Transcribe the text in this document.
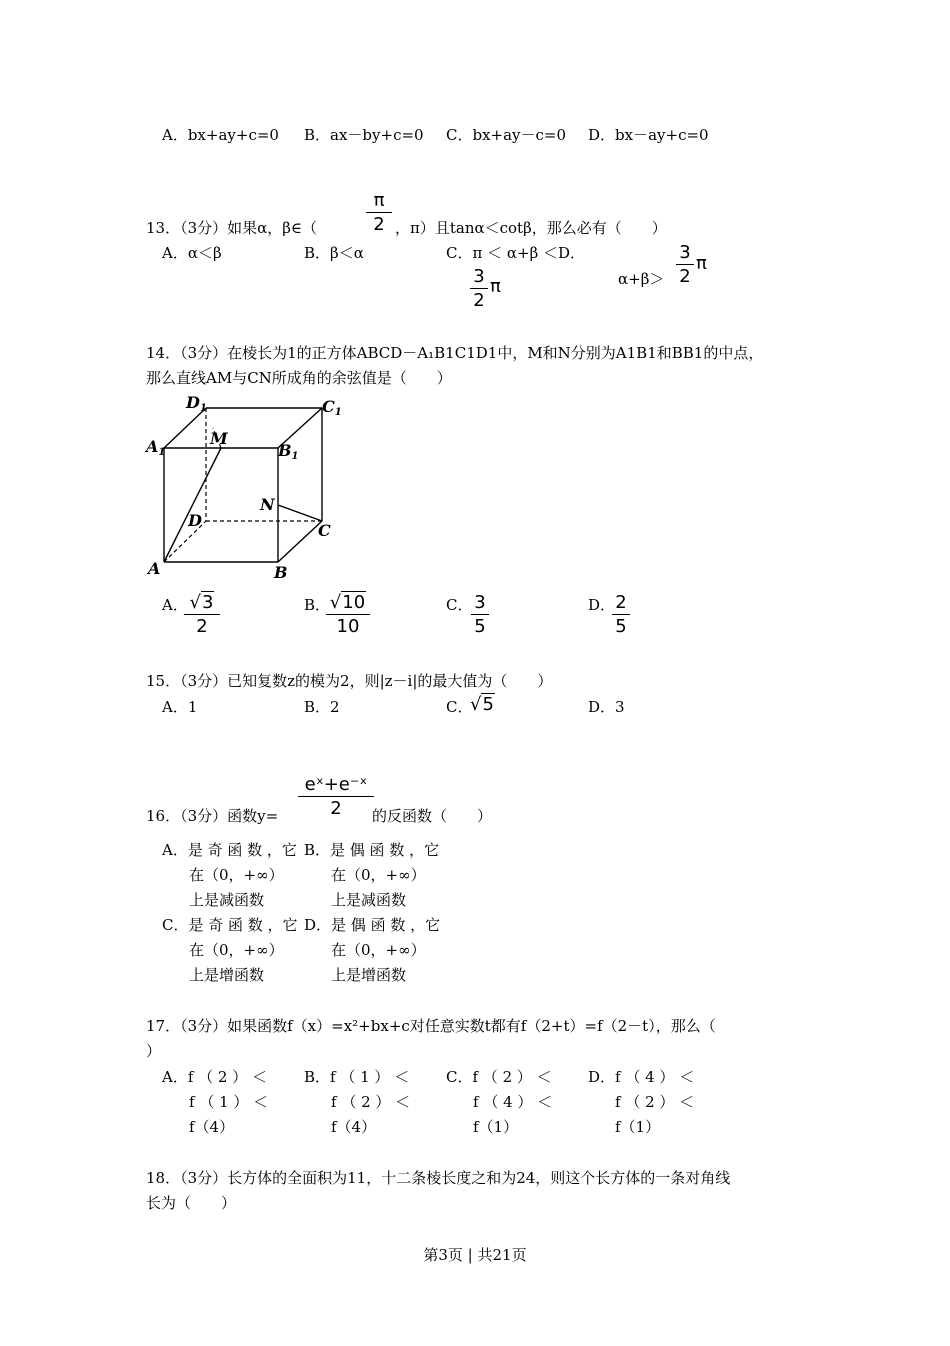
A．bx+ay+c=0 B．ax－by+c=0 C．bx+ay－c=0 D．bx－ay+c=0
13．（3分）如果α，β∈（	$\frac{\pi}{2}$ ，π）且tanα＜cotβ，那么必有（　　）
A．α＜β	B．β＜α	C．π ＜ α+β ＜D．
$\frac{3}{2}$ π	$\alpha+\beta> \frac{3}{2}$ π
14．（3分）在棱长为1的正方体ABCD－A₁B1C1D1中，M和N分别为A1B1和BB1的中点，
那么直线AM与CN所成角的余弦值是（　　）
D1	C1
A1
M
B1
N
D
C
A	B
A．
$\frac{√3}{2}$	B．
$\frac{√10}{10}$	C．
$\frac{3}{5}$	D．
$\frac{2}{5}$
15．（3分）已知复数z的模为2，则|z－i|的最大值为（　　）
A．1	B．2	C．
√5	D．3
16．（3分）函数$y= \frac{\text{eˣ+e⁻ˣ}}{2}$
的反函数（　　）
A．是 奇 函 数 ，它
在（0，+∞）
上是减函数
B．是 偶 函 数 ，它
在（0，+∞）
上是减函数
C．是 奇 函 数 ，它
在（0，+∞）
上是增函数
D．是 偶 函 数 ，它
在（0，+∞）
上是增函数
17．（3分）如果函数f（x）=x²+bx+c对任意实数t都有f（2+t）=f（2－t），那么（
）
A．f （ 2 ） ＜
f （ 1 ） ＜
f（4）
B．f （ 1 ） ＜
f （ 2 ） ＜
f（4）
C．f （ 2 ） ＜
f （ 4 ） ＜
f（1）
D．f （ 4 ） ＜
f （ 2 ） ＜
f（1）
18．（3分）长方体的全面积为11，十二条棱长度之和为24，则这个长方体的一条对角线
长为（　　）
第3页 | 共21页
